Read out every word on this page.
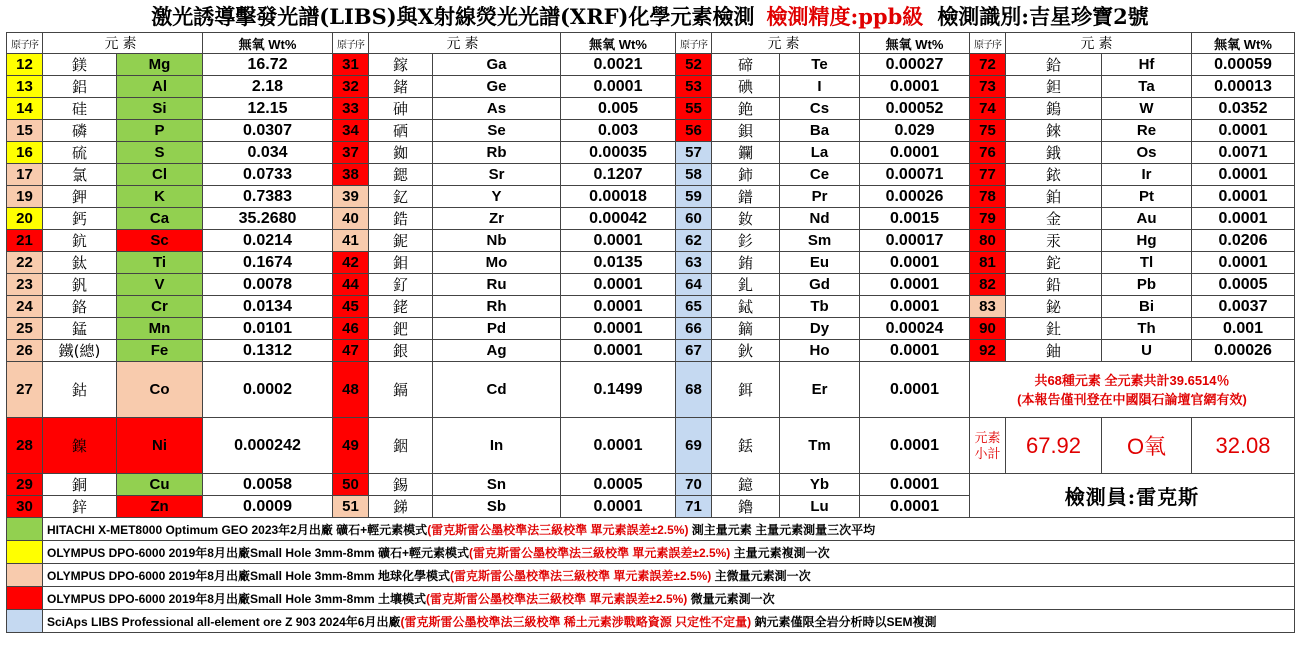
激光誘導擊發光譜(LIBS)與X射線熒光光譜(XRF)化學元素檢測 檢測精度:ppb級 檢測識別:吉星珍寶2號
原子序	元素		無氧 Wt%	原子序	元素		無氧 Wt%	原子序	元素		無氧 Wt%	原子序	元素		無氧 Wt%
12	鎂	Mg	16.72	31	鎵	Ga	0.0021	52	碲	Te	0.00027	72	鉿	Hf	0.00059
13	鋁	Al	2.18	32	鍺	Ge	0.0001	53	碘	I	0.0001	73	鉭	Ta	0.00013
14	硅	Si	12.15	33	砷	As	0.005	55	銫	Cs	0.00052	74	鎢	W	0.0352
15	磷	P	0.0307	34	硒	Se	0.003	56	鋇	Ba	0.029	75	錸	Re	0.0001
16	硫	S	0.034	37	銣	Rb	0.00035	57	鑭	La	0.0001	76	鋨	Os	0.0071
17	氯	Cl	0.0733	38	鍶	Sr	0.1207	58	鈰	Ce	0.00071	77	銥	Ir	0.0001
19	鉀	K	0.7383	39	釔	Y	0.00018	59	鐠	Pr	0.00026	78	鉑	Pt	0.0001
20	鈣	Ca	35.2680	40	鋯	Zr	0.00042	60	釹	Nd	0.0015	79	金	Au	0.0001
21	鈧	Sc	0.0214	41	鈮	Nb	0.0001	62	釤	Sm	0.00017	80	汞	Hg	0.0206
22	鈦	Ti	0.1674	42	鉬	Mo	0.0135	63	銪	Eu	0.0001	81	鉈	Tl	0.0001
23	釩	V	0.0078	44	釕	Ru	0.0001	64	釓	Gd	0.0001	82	鉛	Pb	0.0005
24	鉻	Cr	0.0134	45	銠	Rh	0.0001	65	鋱	Tb	0.0001	83	鉍	Bi	0.0037
25	錳	Mn	0.0101	46	鈀	Pd	0.0001	66	鏑	Dy	0.00024	90	釷	Th	0.001
26	鐵(總)	Fe	0.1312	47	銀	Ag	0.0001	67	鈥	Ho	0.0001	92	鈾	U	0.00026
27	鈷	Co	0.0002	48	鎘	Cd	0.1499	68	鉺	Er	0.0001	共68種元素 全元素共計39.6514％
(本報告僅刊登在中國隕石論壇官網有效)			

28	鎳	Ni	0.000242	49	銦	In	0.0001	69	銩	Tm	0.0001	元素
小計	67.92	O氧	32.08
29	銅	Cu	0.0058	50	錫	Sn	0.0005	70	鐿	Yb	0.0001	檢測員:雷克斯			
30	鋅	Zn	0.0009	51	銻	Sb	0.0001	71	鑥	Lu	0.0001				
	HITACHI X-MET8000 Optimum GEO 2023年2月出廠 礦石+輕元素模式(雷克斯雷公墨校準法三級校準 單元素誤差±2.5%) 測主量元素 主量元素測量三次平均														
	OLYMPUS DPO-6000 2019年8月出廠Small Hole 3mm-8mm 礦石+輕元素模式(雷克斯雷公墨校準法三級校準 單元素誤差±2.5%) 主量元素複測一次														
	OLYMPUS DPO-6000 2019年8月出廠Small Hole 3mm-8mm 地球化學模式(雷克斯雷公墨校準法三級校準 單元素誤差±2.5%) 主微量元素測一次														
	OLYMPUS DPO-6000 2019年8月出廠Small Hole 3mm-8mm 土壤模式(雷克斯雷公墨校準法三級校準 單元素誤差±2.5%) 微量元素測一次														
	SciAps LIBS Professional all-element ore Z 903 2024年6月出廠(雷克斯雷公墨校準法三級校準 稀土元素涉戰略資源 只定性不定量) 鈉元素僅限全岩分析時以SEM複測														
